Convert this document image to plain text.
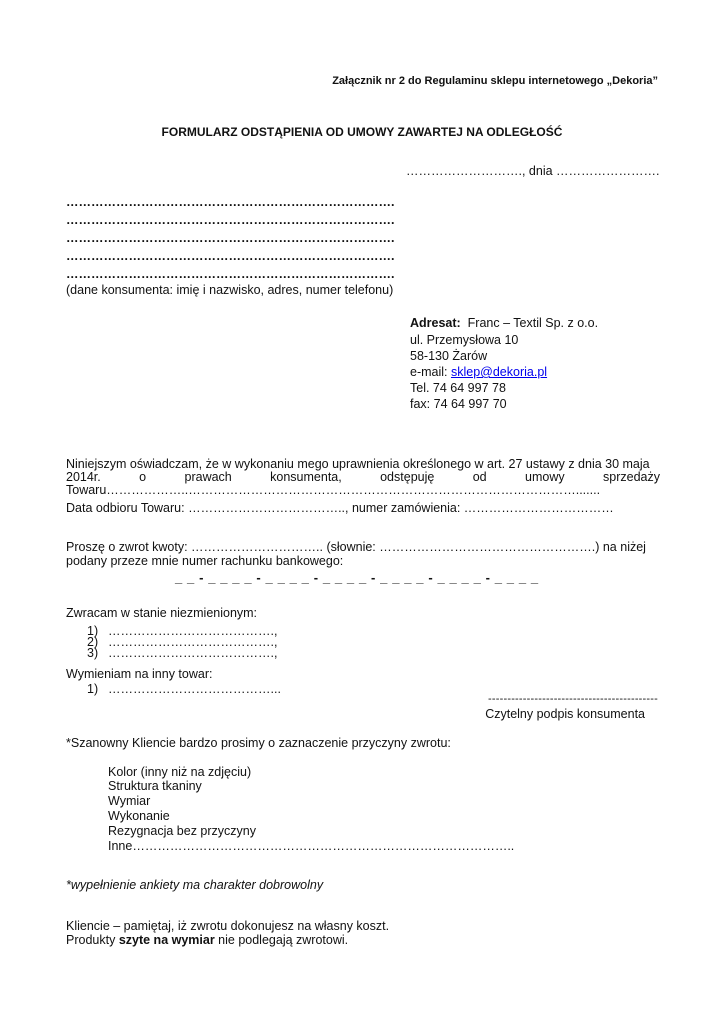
Załącznik nr 2 do Regulaminu sklepu internetowego „Dekoria”
FORMULARZ ODSTĄPIENIA OD UMOWY ZAWARTEJ NA ODLEGŁOŚĆ
………………………., dnia …………………….
…………………………………………………………………….
…………………………………………………………………….
…………………………………………………………………….
…………………………………………………………………….
…………………………………………………………………….
(dane konsumenta: imię i nazwisko, adres, numer telefonu)
Adresat: Franc – Textil Sp. z o.o.
ul. Przemysłowa 10
58-130 Żarów
e-mail: sklep@dekoria.pl
Tel. 74 64 997 78
fax: 74 64 997 70
Niniejszym oświadczam, że w wykonaniu mego uprawnienia określonego w art. 27 ustawy z dnia 30 maja
2014r.	o	prawach	konsumenta,	odstępuję	od	umowy	sprzedaży
Towaru………………..………………………………………………………………………………….......
Data odbioru Towaru: ……………………………….., numer zamówienia: ………………………………
Proszę o zwrot kwoty: ………………………….. (słownie: …………………………………………….) na niżej
podany przeze mnie numer rachunku bankowego:
_ _ - _ _ _ _ - _ _ _ _ - _ _ _ _ - _ _ _ _ - _ _ _ _ - _ _ _ _
Zwracam w stanie niezmienionym:
1) ………………………………….,
2) ………………………………….,
3) ………………………………….,
Wymieniam na inny towar:
1) …………………………………...
--------------------------------------------
Czytelny podpis konsumenta
*Szanowny Kliencie bardzo prosimy o zaznaczenie przyczyny zwrotu:
Kolor (inny niż na zdjęciu)
Struktura tkaniny
Wymiar
Wykonanie
Rezygnacja bez przyczyny
Inne………………………………………………………………………………..
*wypełnienie ankiety ma charakter dobrowolny
Kliencie – pamiętaj, iż zwrotu dokonujesz na własny koszt.
Produkty szyte na wymiar nie podlegają zwrotowi.
